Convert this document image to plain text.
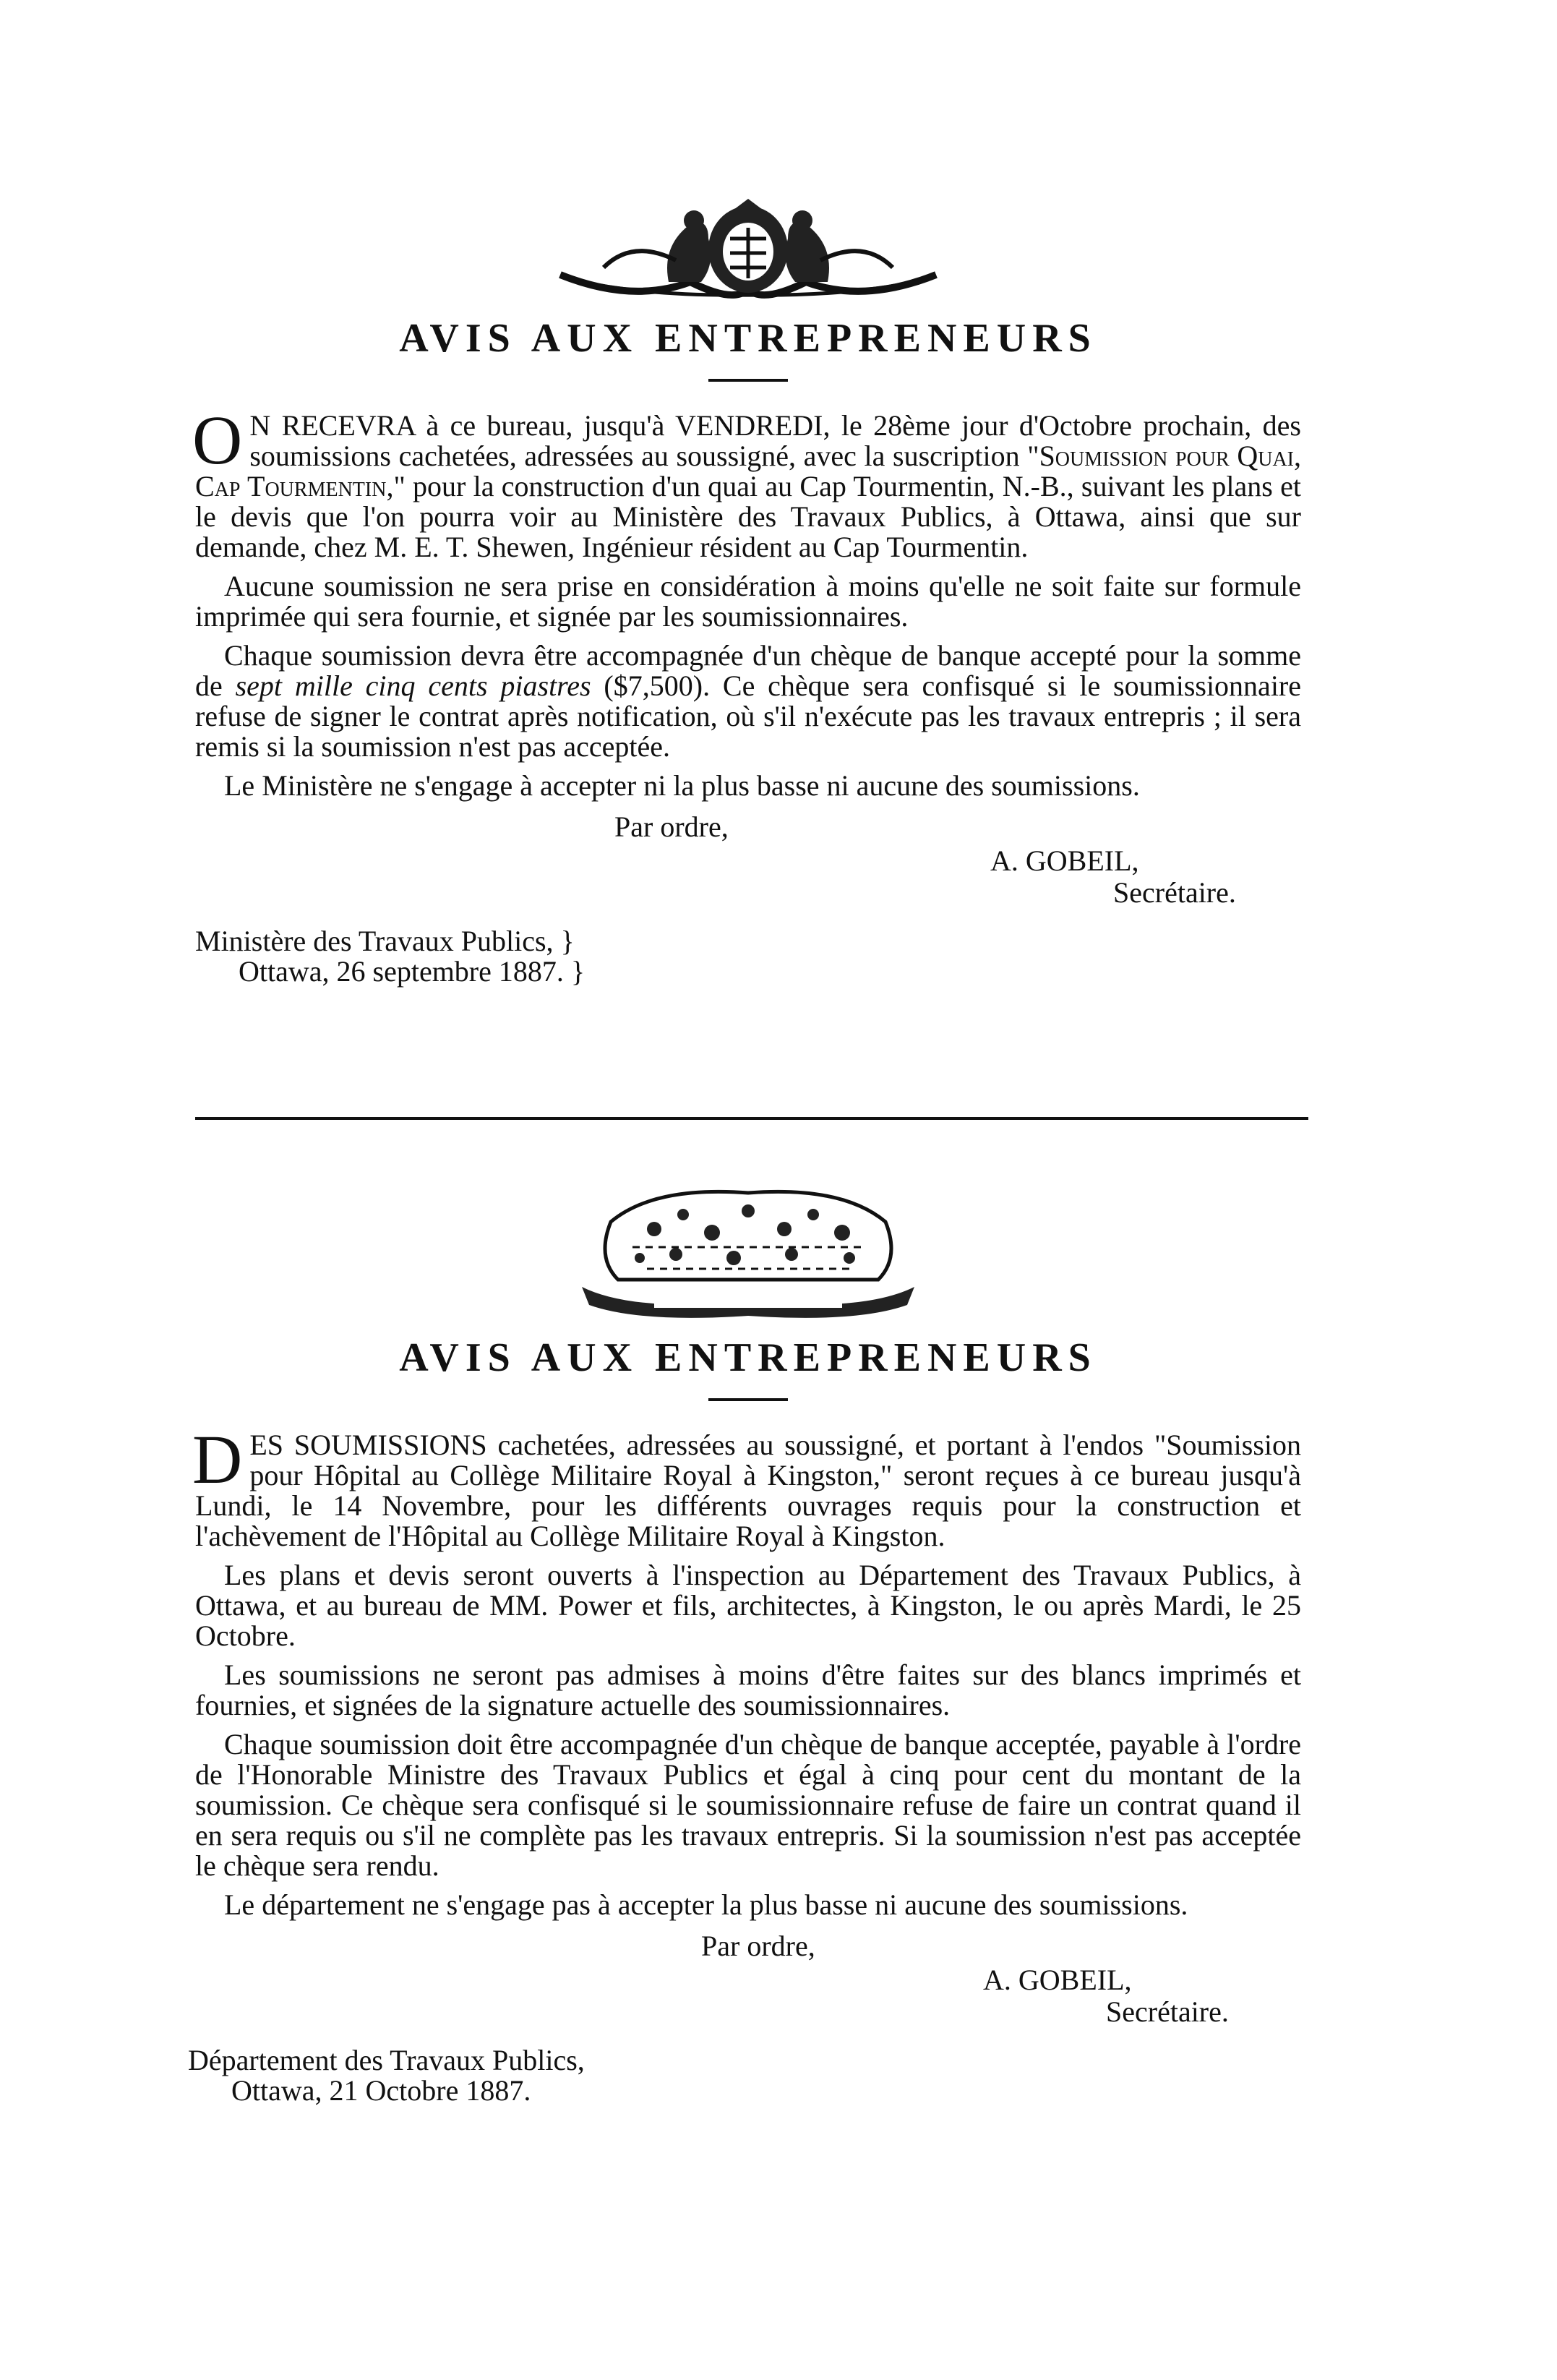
AVIS AUX ENTREPRENEURS

O N RECEVRA à ce bureau, jusqu'à VENDREDI, le 28ème jour d'Octobre prochain, des soumissions cachetées, adressées au soussigné, avec la suscription "Soumission pour Quai, Cap Tourmentin," pour la construction d'un quai au Cap Tourmentin, N.-B., suivant les plans et le devis que l'on pourra voir au Ministère des Travaux Publics, à Ottawa, ainsi que sur demande, chez M. E. T. Shewen, Ingénieur résident au Cap Tourmentin.

Aucune soumission ne sera prise en considération à moins qu'elle ne soit faite sur formule imprimée qui sera fournie, et signée par les soumissionnaires.

Chaque soumission devra être accompagnée d'un chèque de banque accepté pour la somme de sept mille cinq cents piastres ($7,500). Ce chèque sera confisqué si le soumissionnaire refuse de signer le contrat après notification, où s'il n'exécute pas les travaux entrepris ; il sera remis si la soumission n'est pas acceptée.

Le Ministère ne s'engage à accepter ni la plus basse ni aucune des soumissions.

Par ordre,
A. GOBEIL,
Secrétaire.
Ministère des Travaux Publics, }
Ottawa, 26 septembre 1887. }
AVIS AUX ENTREPRENEURS

DES SOUMISSIONS cachetées, adressées au soussigné, et portant à l'endos "Soumission pour Hôpital au Collège Militaire Royal à Kingston," seront reçues à ce bureau jusqu'à Lundi, le 14 Novembre, pour les différents ouvrages requis pour la construction et l'achèvement de l'Hôpital au Collège Militaire Royal à Kingston.

Les plans et devis seront ouverts à l'inspection au Département des Travaux Publics, à Ottawa, et au bureau de MM. Power et fils, architectes, à Kingston, le ou après Mardi, le 25 Octobre.

Les soumissions ne seront pas admises à moins d'être faites sur des blancs imprimés et fournies, et signées de la signature actuelle des soumissionnaires.

Chaque soumission doit être accompagnée d'un chèque de banque acceptée, payable à l'ordre de l'Honorable Ministre des Travaux Publics et égal à cinq pour cent du montant de la soumission. Ce chèque sera confisqué si le soumissionnaire refuse de faire un contrat quand il en sera requis ou s'il ne complète pas les travaux entrepris. Si la soumission n'est pas acceptée le chèque sera rendu.

Le département ne s'engage pas à accepter la plus basse ni aucune des soumissions.

Par ordre,
A. GOBEIL,
Secrétaire.
Département des Travaux Publics,
Ottawa, 21 Octobre 1887.
